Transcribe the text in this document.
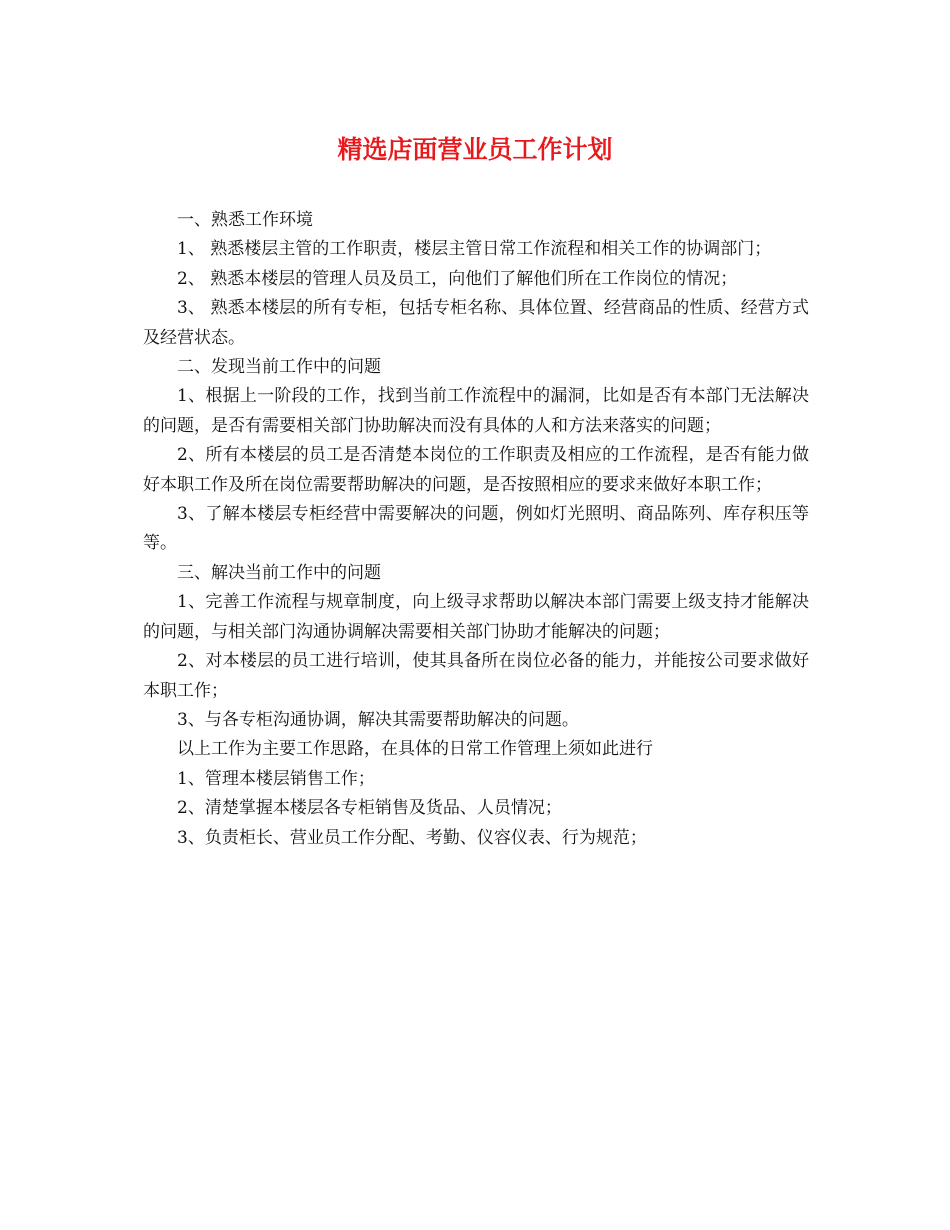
精选店面营业员工作计划

一、熟悉工作环境

1、 熟悉楼层主管的工作职责，楼层主管日常工作流程和相关工作的协调部门；

2、 熟悉本楼层的管理人员及员工，向他们了解他们所在工作岗位的情况；

3、 熟悉本楼层的所有专柜，包括专柜名称、具体位置、经营商品的性质、经营方式及经营状态。

二、发现当前工作中的问题

1、根据上一阶段的工作，找到当前工作流程中的漏洞，比如是否有本部门无法解决的问题，是否有需要相关部门协助解决而没有具体的人和方法来落实的问题；

2、所有本楼层的员工是否清楚本岗位的工作职责及相应的工作流程，是否有能力做好本职工作及所在岗位需要帮助解决的问题，是否按照相应的要求来做好本职工作；

3、了解本楼层专柜经营中需要解决的问题，例如灯光照明、商品陈列、库存积压等等。

三、解决当前工作中的问题

1、完善工作流程与规章制度，向上级寻求帮助以解决本部门需要上级支持才能解决的问题，与相关部门沟通协调解决需要相关部门协助才能解决的问题；

2、对本楼层的员工进行培训，使其具备所在岗位必备的能力，并能按公司要求做好本职工作；

3、与各专柜沟通协调，解决其需要帮助解决的问题。

以上工作为主要工作思路，在具体的日常工作管理上须如此进行

1、管理本楼层销售工作；

2、清楚掌握本楼层各专柜销售及货品、人员情况；

3、负责柜长、营业员工作分配、考勤、仪容仪表、行为规范；
